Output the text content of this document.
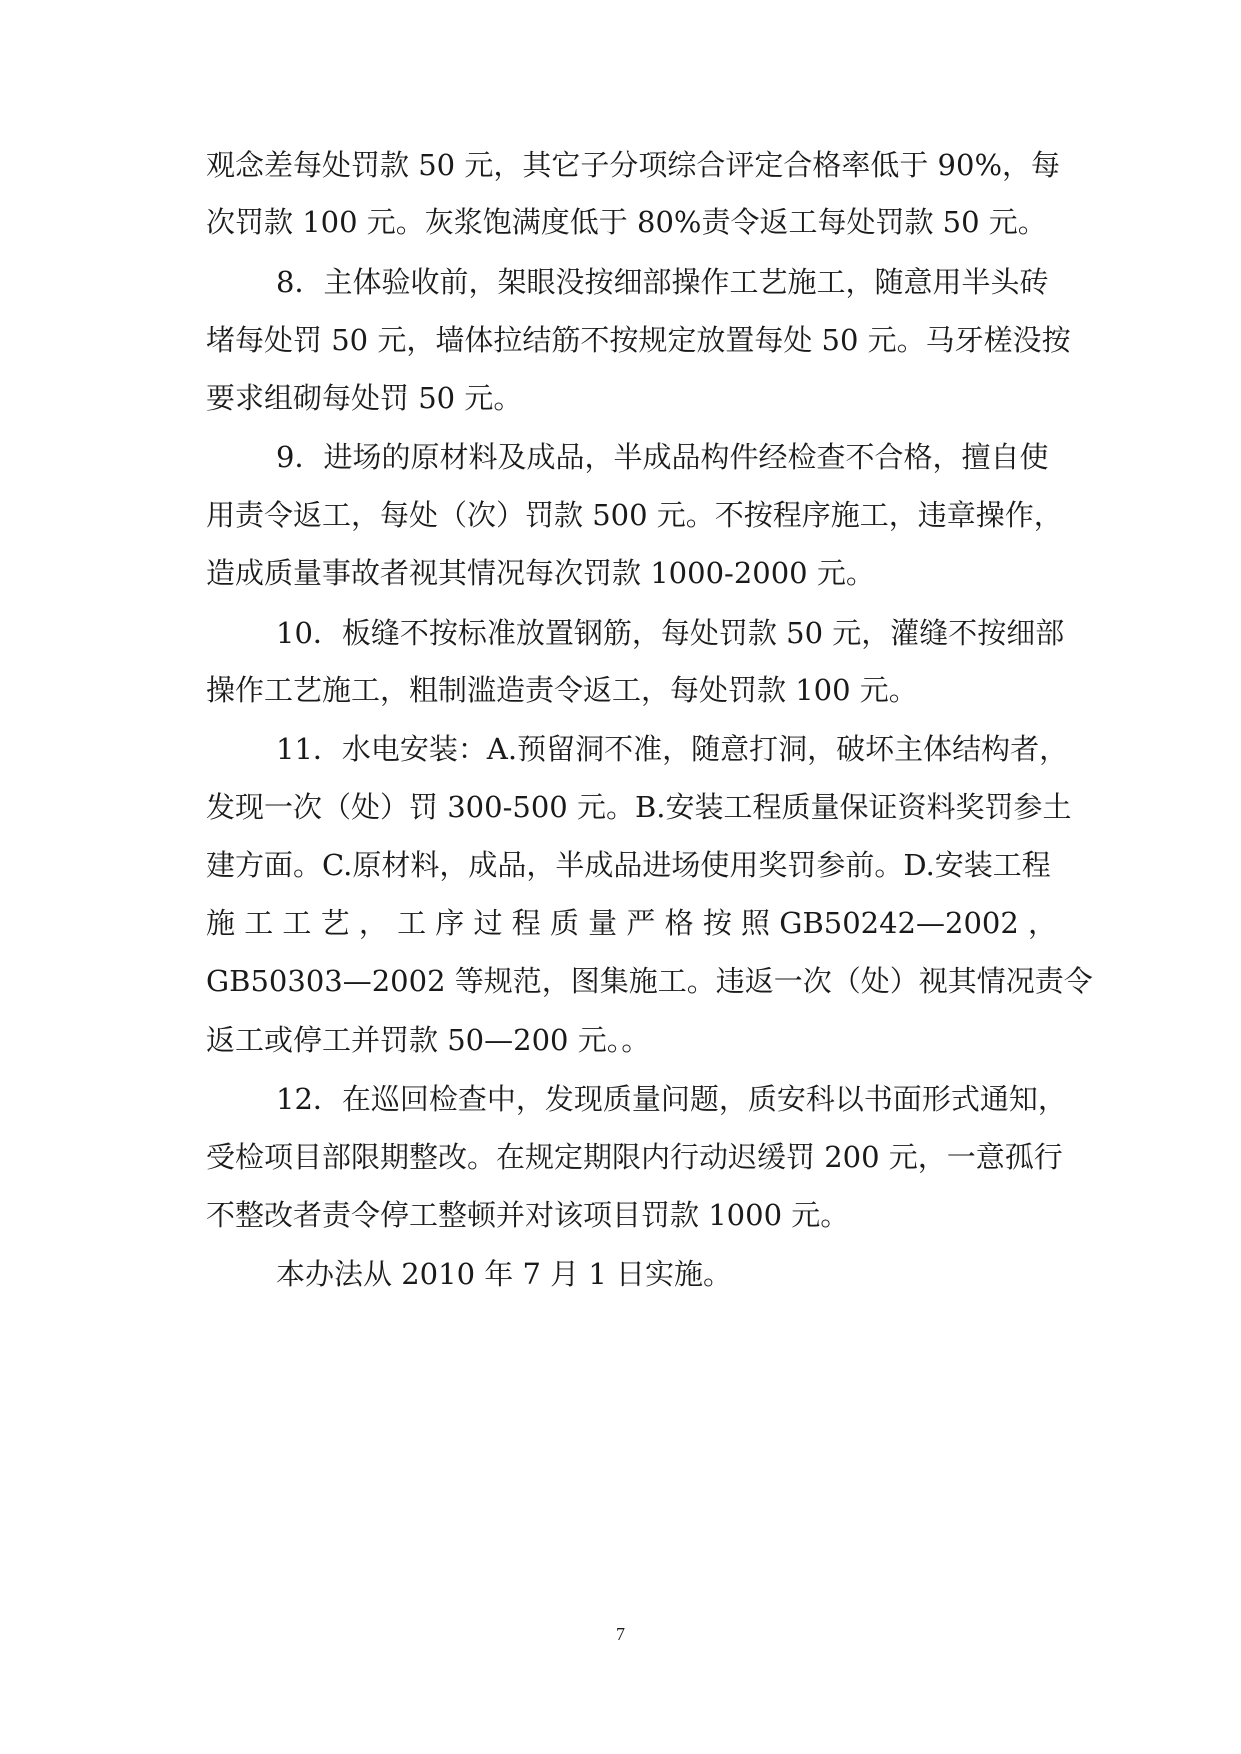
观念差每处罚款 50 元，其它子分项综合评定合格率低于 90%，每

次罚款 100 元。灰浆饱满度低于 80%责令返工每处罚款 50 元。

8．主体验收前，架眼没按细部操作工艺施工，随意用半头砖

堵每处罚 50 元，墙体拉结筋不按规定放置每处 50 元。马牙槎没按

要求组砌每处罚 50 元。

9．进场的原材料及成品，半成品构件经检查不合格，擅自使

用责令返工，每处（次）罚款 500 元。不按程序施工，违章操作，

造成质量事故者视其情况每次罚款 1000-2000 元。

10．板缝不按标准放置钢筋，每处罚款 50 元，灌缝不按细部

操作工艺施工，粗制滥造责令返工，每处罚款 100 元。

11．水电安装：A.预留洞不准，随意打洞，破坏主体结构者，

发现一次（处）罚 300-500 元。B.安装工程质量保证资料奖罚参土

建方面。C.原材料，成品，半成品进场使用奖罚参前。D.安装工程

施 工 工 艺 ， 工 序 过 程 质 量 严 格 按 照 GB50242—2002 ，

GB50303—2002 等规范，图集施工。违返一次（处）视其情况责令

返工或停工并罚款 50—200 元。。

12．在巡回检查中，发现质量问题，质安科以书面形式通知，

受检项目部限期整改。在规定期限内行动迟缓罚 200 元，一意孤行

不整改者责令停工整顿并对该项目罚款 1000 元。

本办法从 2010 年 7 月 1 日实施。

7
